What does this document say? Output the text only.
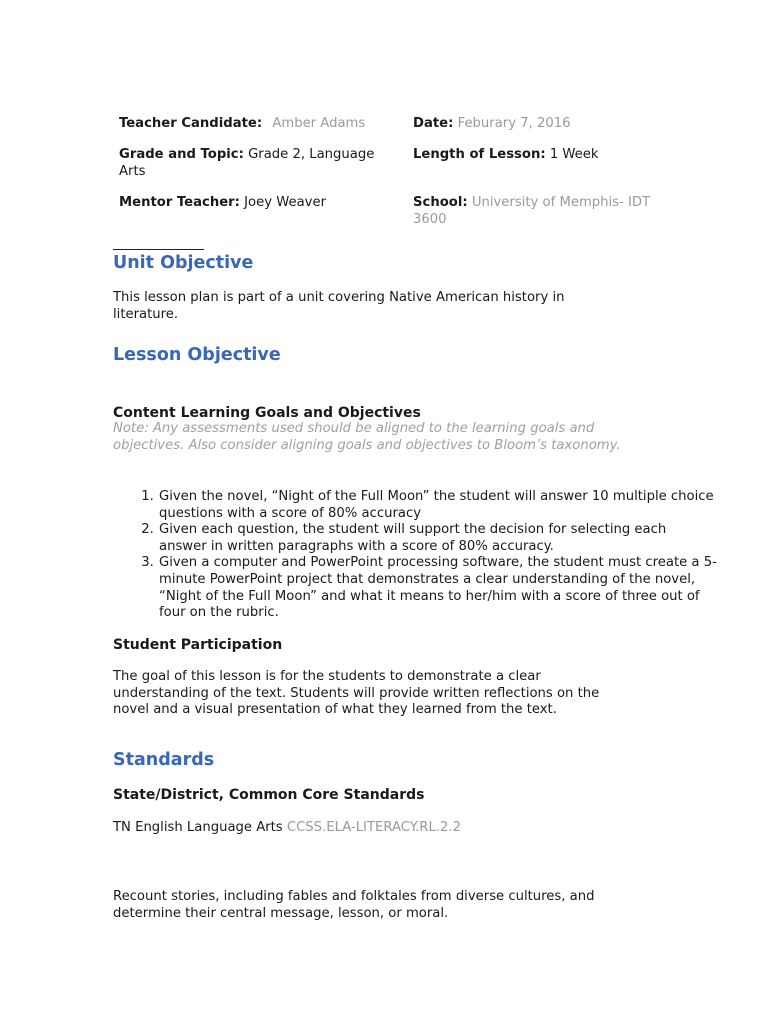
Teacher Candidate: Amber Adams	Date: Feburary 7, 2016
Grade and Topic: Grade 2, Language Arts
Length of Lesson: 1 Week
Mentor Teacher: Joey Weaver	School: University of Memphis- IDT 3600
Unit Objective

This lesson plan is part of a unit covering Native American history in literature.

Lesson Objective
Content Learning Goals and Objectives

Note: Any assessments used should be aligned to the learning goals and objectives. Also consider aligning goals and objectives to Bloom’s taxonomy.

1. Given the novel, “Night of the Full Moon” the student will answer 10 multiple choice questions with a score of 80% accuracy
2. Given each question, the student will support the decision for selecting each answer in written paragraphs with a score of 80% accuracy.
3. Given a computer and PowerPoint processing software, the student must create a 5-minute PowerPoint project that demonstrates a clear understanding of the novel, “Night of the Full Moon” and what it means to her/him with a score of three out of four on the rubric.
Student Participation

The goal of this lesson is for the students to demonstrate a clear understanding of the text. Students will provide written reflections on the novel and a visual presentation of what they learned from the text.

Standards
State/District, Common Core Standards

TN English Language Arts CCSS.ELA-LITERACY.RL.2.2

Recount stories, including fables and folktales from diverse cultures, and determine their central message, lesson, or moral.
